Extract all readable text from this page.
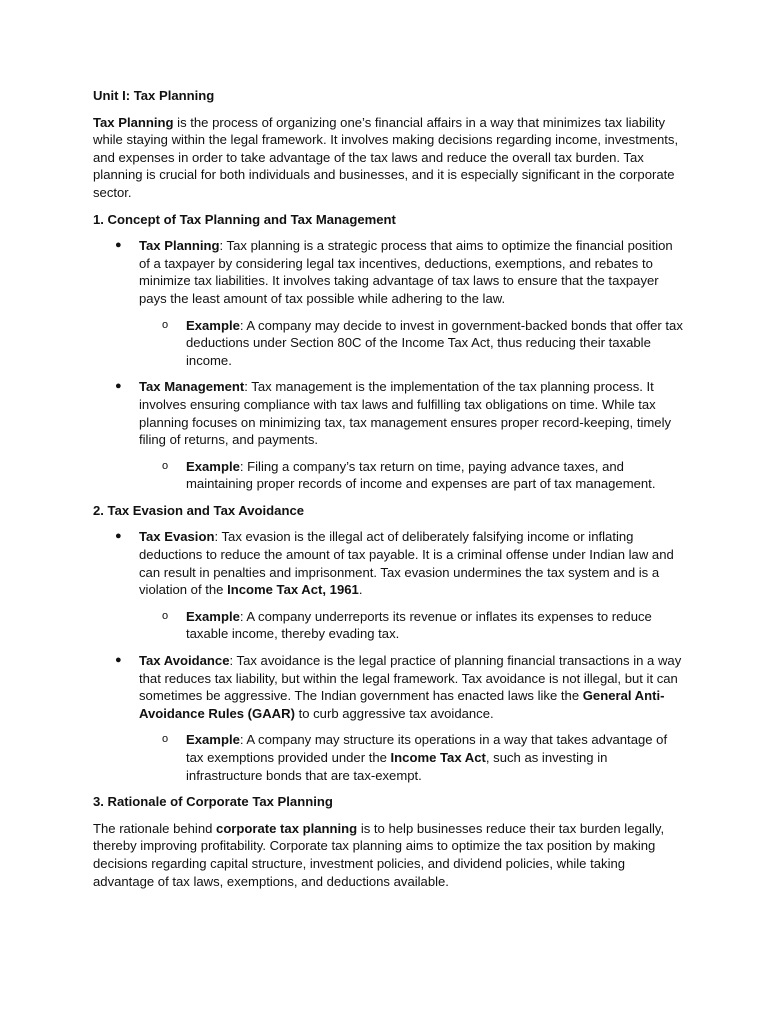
Unit I: Tax Planning

Tax Planning is the process of organizing one’s financial affairs in a way that minimizes tax liability while staying within the legal framework. It involves making decisions regarding income, investments, and expenses in order to take advantage of the tax laws and reduce the overall tax burden. Tax planning is crucial for both individuals and businesses, and it is especially significant in the corporate sector.

1. Concept of Tax Planning and Tax Management

● Tax Planning: Tax planning is a strategic process that aims to optimize the financial position of a taxpayer by considering legal tax incentives, deductions, exemptions, and rebates to minimize tax liabilities. It involves taking advantage of tax laws to ensure that the taxpayer pays the least amount of tax possible while adhering to the law.
o Example: A company may decide to invest in government-backed bonds that offer tax deductions under Section 80C of the Income Tax Act, thus reducing their taxable income.
● Tax Management: Tax management is the implementation of the tax planning process. It involves ensuring compliance with tax laws and fulfilling tax obligations on time. While tax planning focuses on minimizing tax, tax management ensures proper record-keeping, timely filing of returns, and payments.
o Example: Filing a company’s tax return on time, paying advance taxes, and maintaining proper records of income and expenses are part of tax management.

2. Tax Evasion and Tax Avoidance

● Tax Evasion: Tax evasion is the illegal act of deliberately falsifying income or inflating deductions to reduce the amount of tax payable. It is a criminal offense under Indian law and can result in penalties and imprisonment. Tax evasion undermines the tax system and is a violation of the Income Tax Act, 1961.
o Example: A company underreports its revenue or inflates its expenses to reduce taxable income, thereby evading tax.
● Tax Avoidance: Tax avoidance is the legal practice of planning financial transactions in a way that reduces tax liability, but within the legal framework. Tax avoidance is not illegal, but it can sometimes be aggressive. The Indian government has enacted laws like the General Anti-Avoidance Rules (GAAR) to curb aggressive tax avoidance.
o Example: A company may structure its operations in a way that takes advantage of tax exemptions provided under the Income Tax Act, such as investing in infrastructure bonds that are tax-exempt.

3. Rationale of Corporate Tax Planning

The rationale behind corporate tax planning is to help businesses reduce their tax burden legally, thereby improving profitability. Corporate tax planning aims to optimize the tax position by making decisions regarding capital structure, investment policies, and dividend policies, while taking advantage of tax laws, exemptions, and deductions available.
